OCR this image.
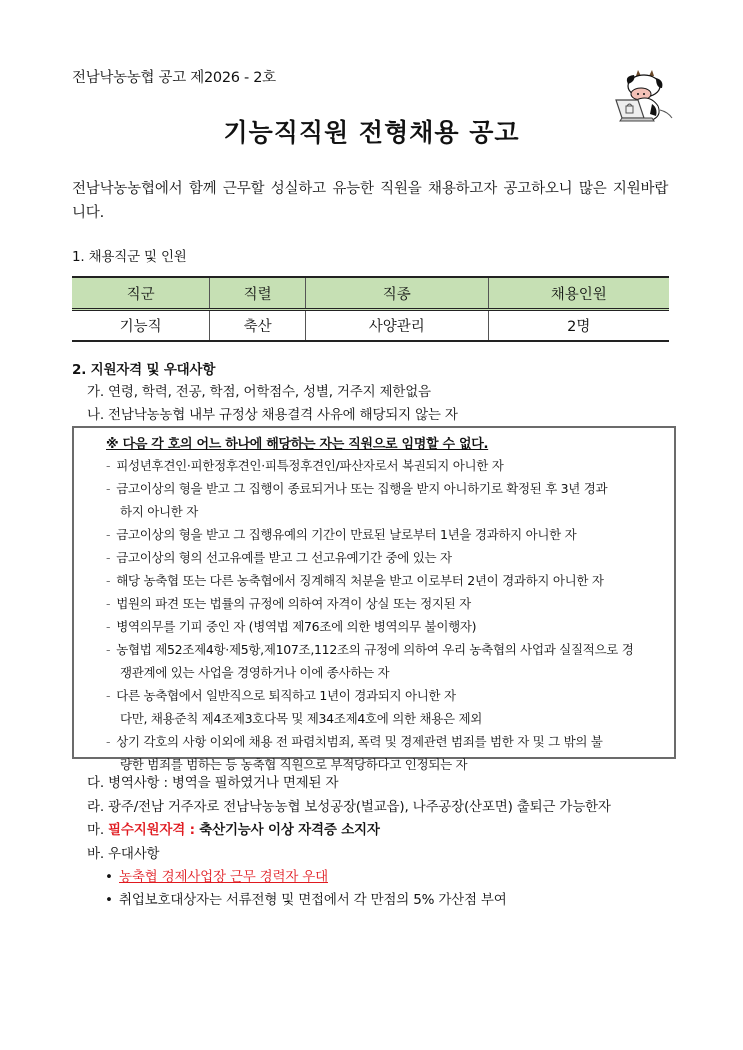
전남낙농농협 공고 제2026 - 2호
기능직직원 전형채용 공고
전남낙농농협에서 함께 근무할 성실하고 유능한 직원을 채용하고자 공고하오니 많은 지원바랍니다.
1. 채용직군 및 인원
직군	직렬	직종	채용인원
기능직	축산	사양관리	2명
2. 지원자격 및 우대사항
가. 연령, 학력, 전공, 학점, 어학점수, 성별, 거주지 제한없음
나. 전남낙농농협 내부 규정상 채용결격 사유에 해당되지 않는 자
※ 다음 각 호의 어느 하나에 해당하는 자는 직원으로 임명할 수 없다.
- 피성년후견인·피한정후견인·피특정후견인/파산자로서 복권되지 아니한 자
- 금고이상의 형을 받고 그 집행이 종료되거나 또는 집행을 받지 아니하기로 확정된 후 3년 경과
하지 아니한 자
- 금고이상의 형을 받고 그 집행유예의 기간이 만료된 날로부터 1년을 경과하지 아니한 자
- 금고이상의 형의 선고유예를 받고 그 선고유예기간 중에 있는 자
- 해당 농축협 또는 다른 농축협에서 징계해직 처분을 받고 이로부터 2년이 경과하지 아니한 자
- 법원의 파견 또는 법률의 규정에 의하여 자격이 상실 또는 정지된 자
- 병역의무를 기피 중인 자 (병역법 제76조에 의한 병역의무 불이행자)
- 농협법 제52조제4항·제5항,제107조,112조의 규정에 의하여 우리 농축협의 사업과 실질적으로 경
쟁관계에 있는 사업을 경영하거나 이에 종사하는 자
- 다른 농축협에서 일반직으로 퇴직하고 1년이 경과되지 아니한 자
다만, 채용준칙 제4조제3호다목 및 제34조제4호에 의한 채용은 제외
- 상기 각호의 사항 이외에 채용 전 파렴치범죄, 폭력 및 경제관련 범죄를 범한 자 및 그 밖의 불
량한 범죄를 범하는 등 농축협 직원으로 부적당하다고 인정되는 자
다. 병역사항 : 병역을 필하였거나 면제된 자
라. 광주/전남 거주자로 전남낙농농협 보성공장(벌교읍), 나주공장(산포면) 출퇴근 가능한자
마. 필수지원자격 : 축산기능사 이상 자격증 소지자
바. 우대사항
• 농축협 경제사업장 근무 경력자 우대
• 취업보호대상자는 서류전형 및 면접에서 각 만점의 5% 가산점 부여
